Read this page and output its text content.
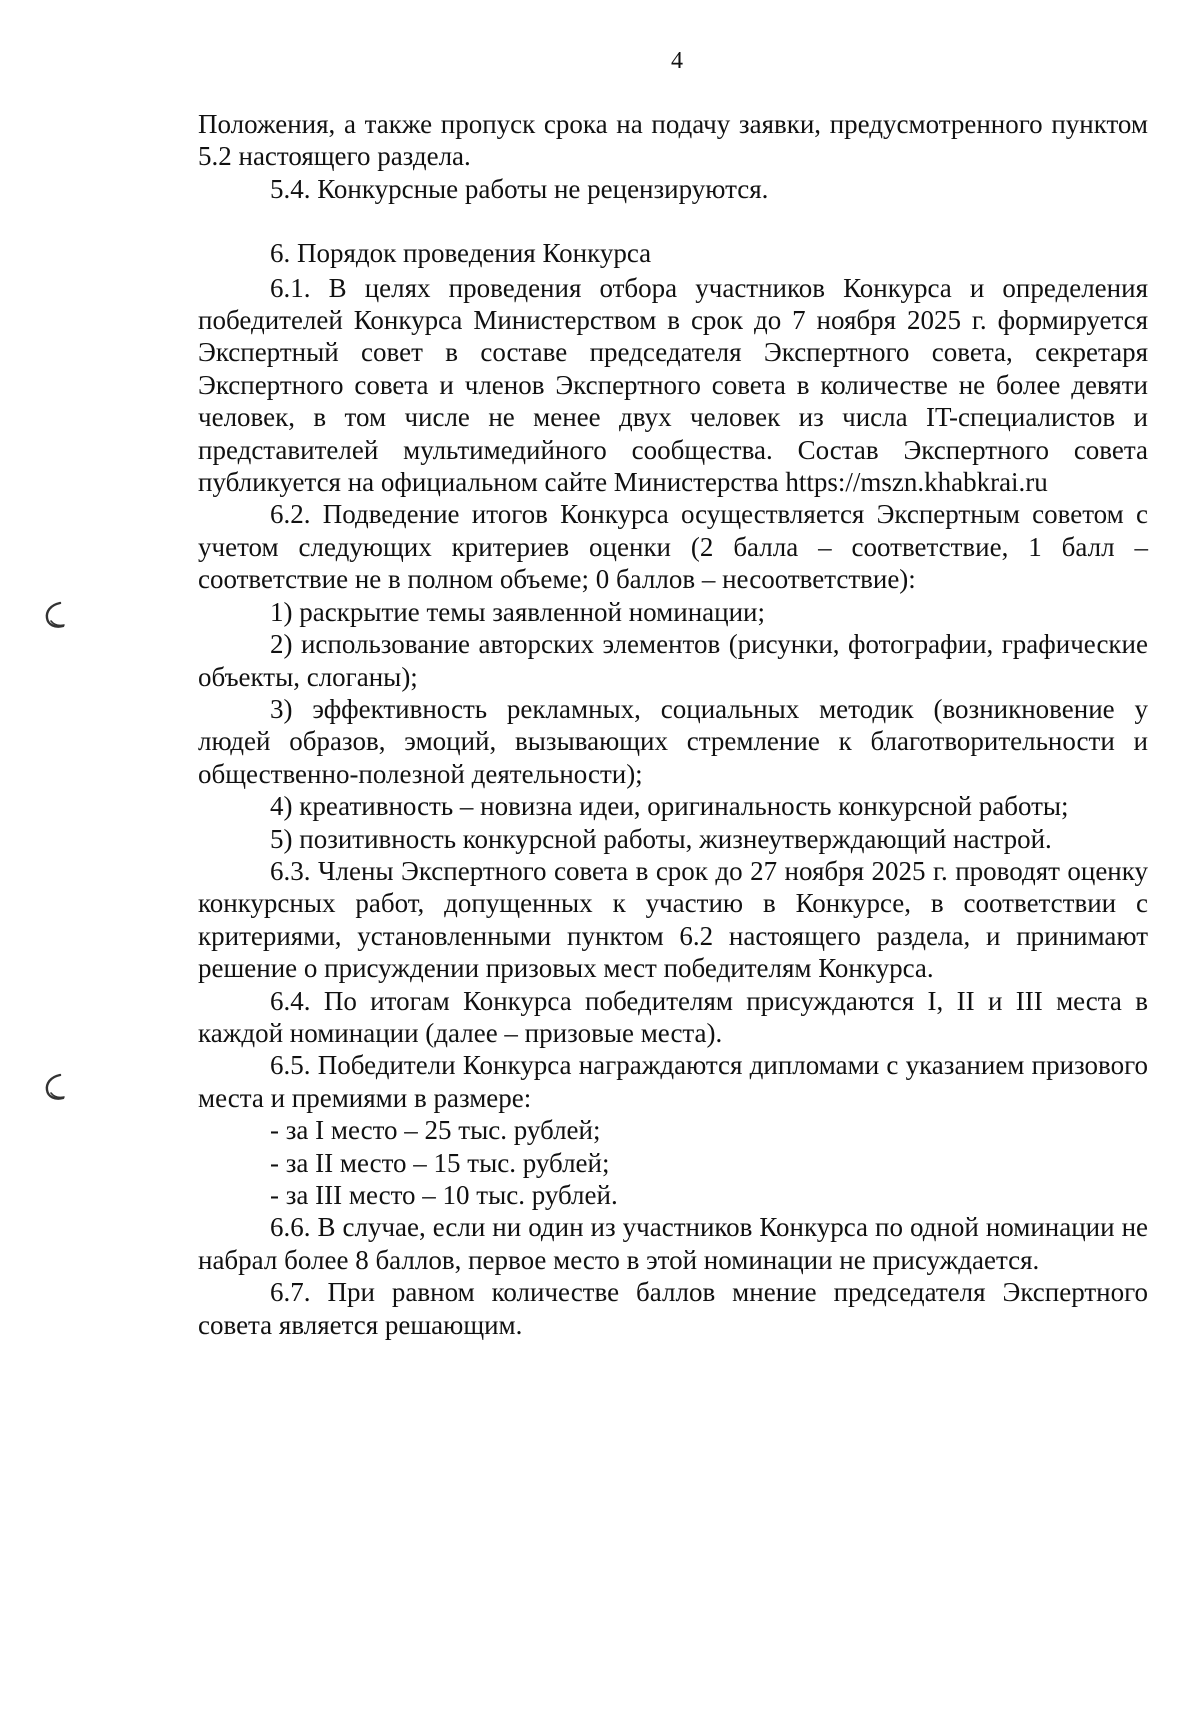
4

Положения, а также пропуск срока на подачу заявки, предусмотренного пунктом 5.2 настоящего раздела.

5.4. Конкурсные работы не рецензируются.

6. Порядок проведения Конкурса

6.1. В целях проведения отбора участников Конкурса и определения победителей Конкурса Министерством в срок до 7 ноября 2025 г. формируется Экспертный совет в составе председателя Экспертного совета, секретаря Экспертного совета и членов Экспертного совета в количестве не более девяти человек, в том числе не менее двух человек из числа IT-специалистов и представителей мультимедийного сообщества. Состав Экспертного совета публикуется на официальном сайте Министерства https://mszn.khabkrai.ru

6.2. Подведение итогов Конкурса осуществляется Экспертным советом с учетом следующих критериев оценки (2 балла – соответствие, 1 балл – соответствие не в полном объеме; 0 баллов – несоответствие):

1) раскрытие темы заявленной номинации;

2) использование авторских элементов (рисунки, фотографии, графические объекты, слоганы);

3) эффективность рекламных, социальных методик (возникновение у людей образов, эмоций, вызывающих стремление к благотворительности и общественно-полезной деятельности);

4) креативность – новизна идеи, оригинальность конкурсной работы;

5) позитивность конкурсной работы, жизнеутверждающий настрой.

6.3. Члены Экспертного совета в срок до 27 ноября 2025 г. проводят оценку конкурсных работ, допущенных к участию в Конкурсе, в соответствии с критериями, установленными пунктом 6.2 настоящего раздела, и принимают решение о присуждении призовых мест победителям Конкурса.

6.4. По итогам Конкурса победителям присуждаются I, II и III места в каждой номинации (далее – призовые места).

6.5. Победители Конкурса награждаются дипломами с указанием призового места и премиями в размере:

- за I место – 25 тыс. рублей;

- за II место – 15 тыс. рублей;

- за III место – 10 тыс. рублей.

6.6. В случае, если ни один из участников Конкурса по одной номинации не набрал более 8 баллов, первое место в этой номинации не присуждается.

6.7. При равном количестве баллов мнение председателя Экспертного совета является решающим.
